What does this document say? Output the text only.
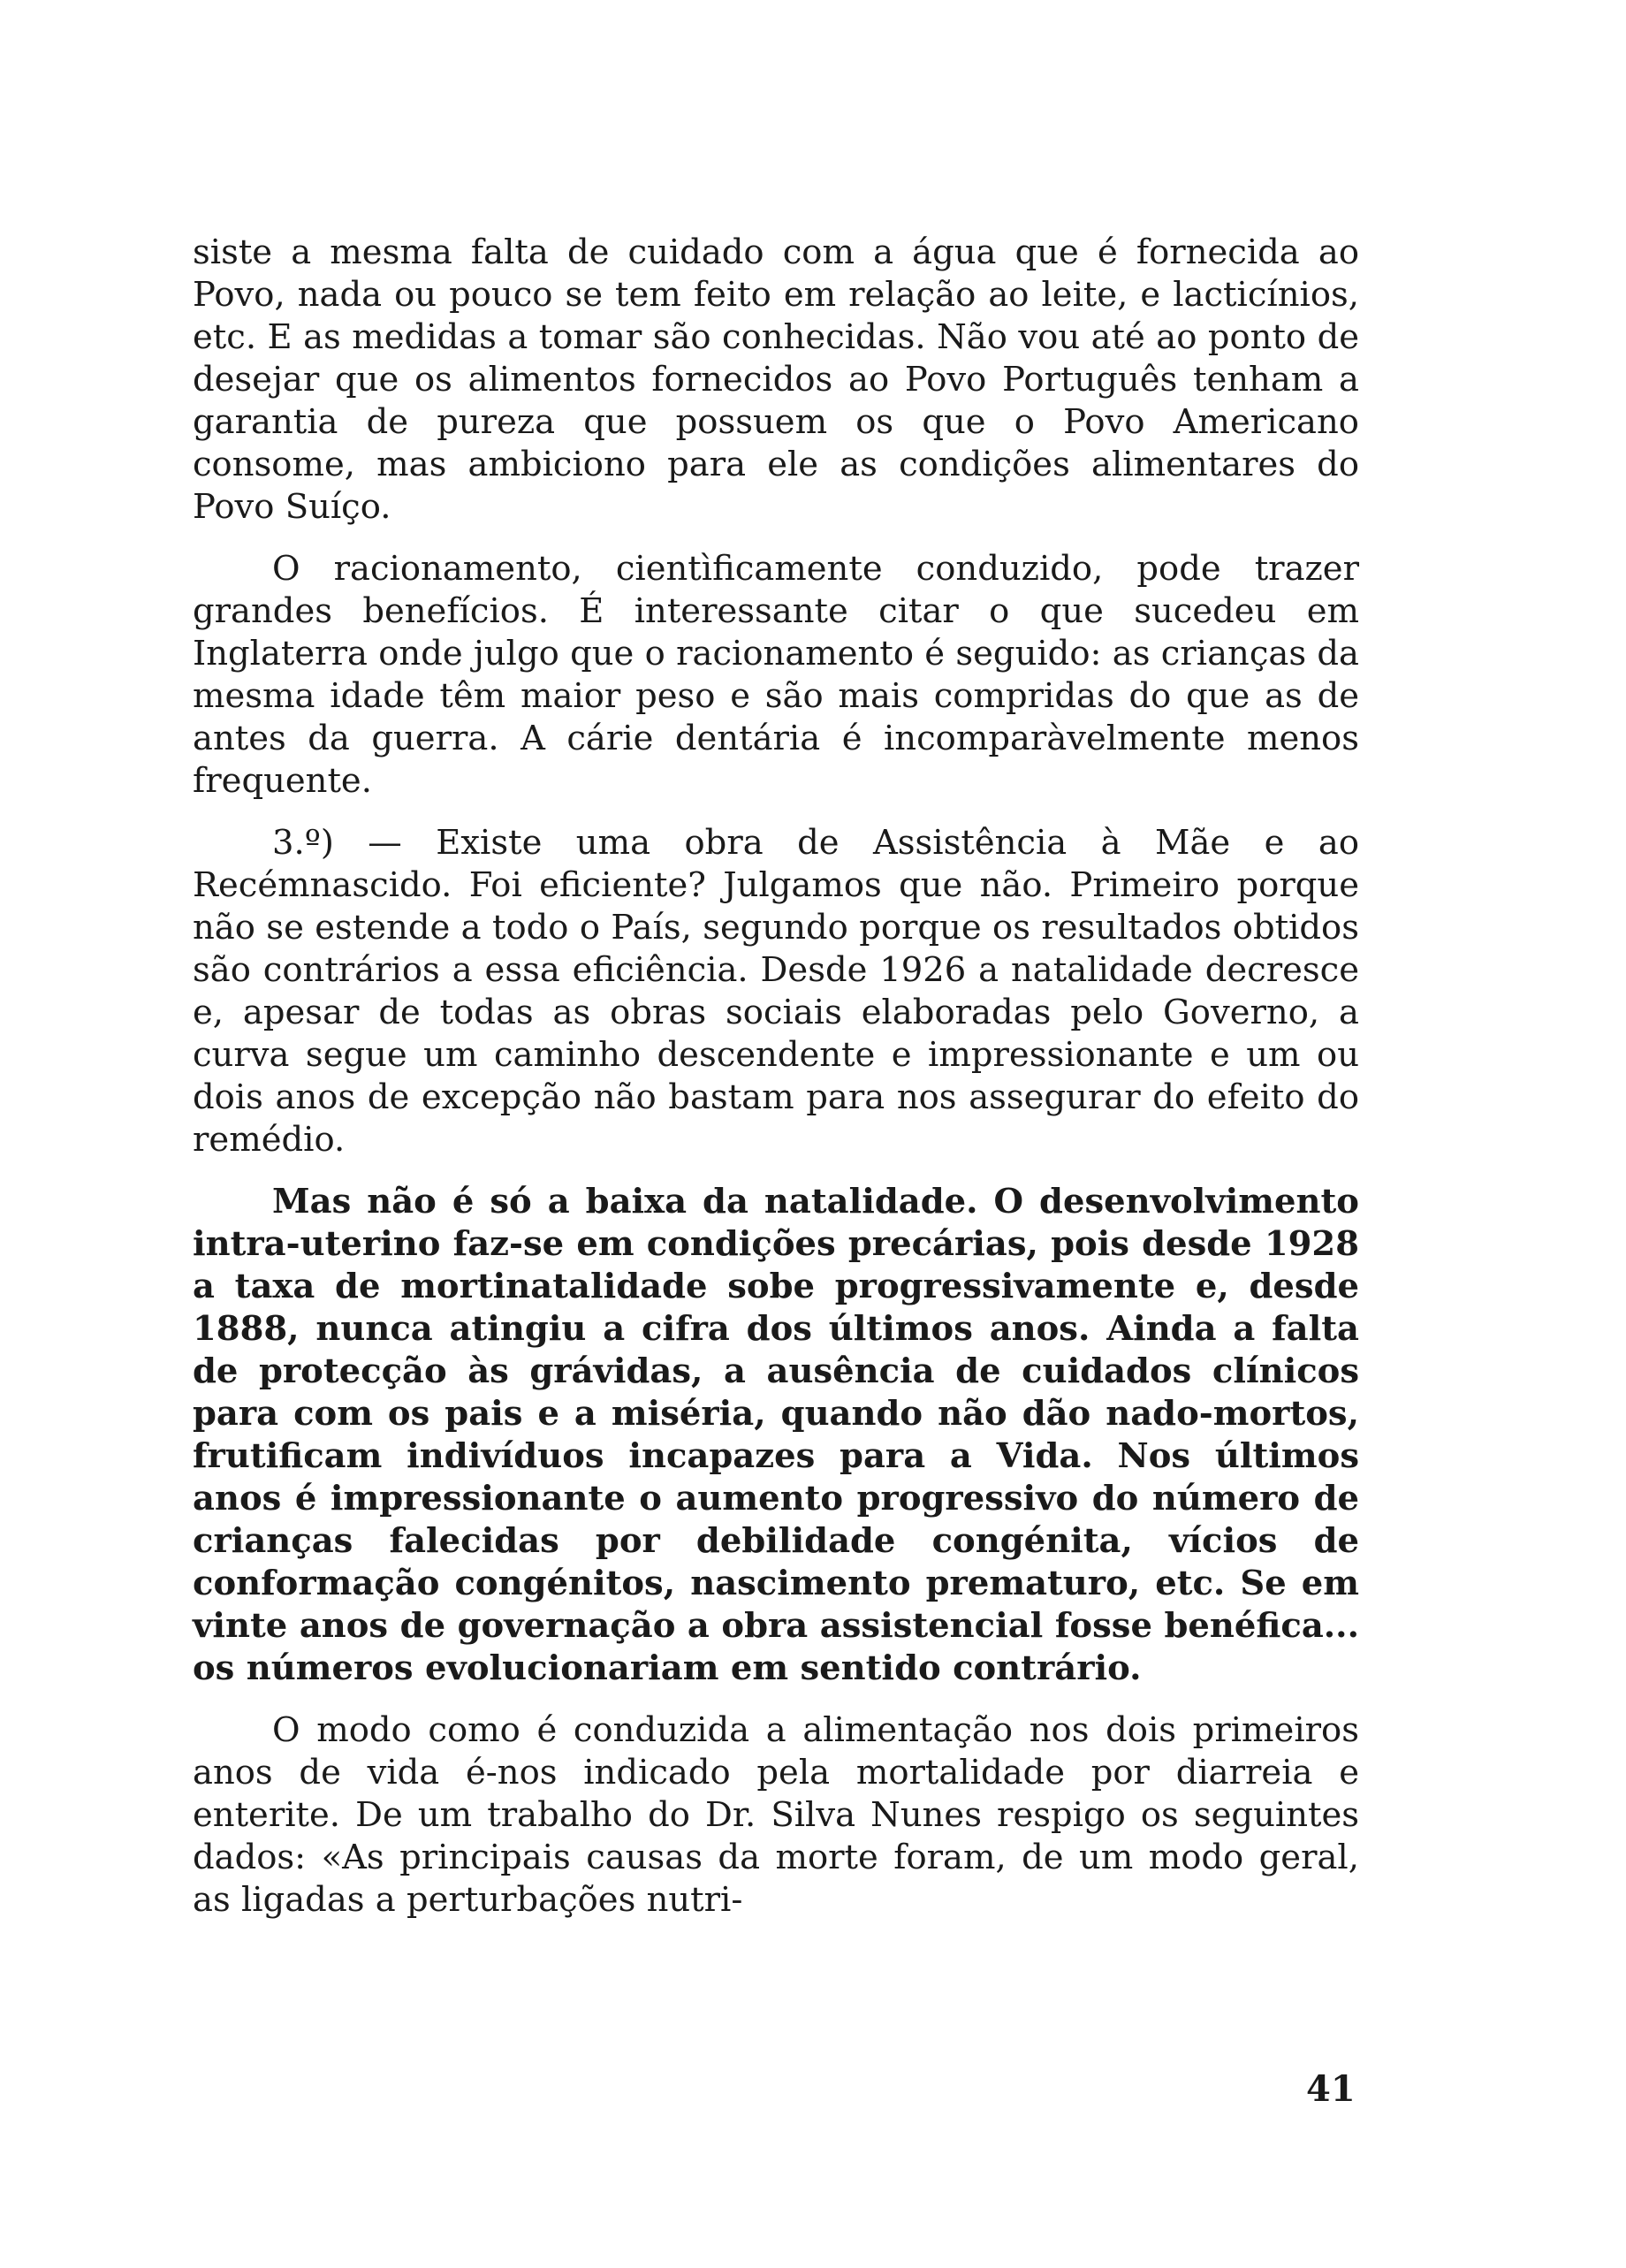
siste a mesma falta de cuidado com a água que é fornecida ao Povo, nada ou pouco se tem feito em relação ao leite, e lacticínios, etc. E as medidas a tomar são conhecidas. Não vou até ao ponto de desejar que os alimentos fornecidos ao Povo Português tenham a garantia de pureza que possuem os que o Povo Americano consome, mas ambiciono para ele as condições alimentares do Povo Suíço.

O racionamento, cientìficamente conduzido, pode trazer grandes benefícios. É interessante citar o que sucedeu em Inglaterra onde julgo que o racionamento é seguido: as crianças da mesma idade têm maior peso e são mais compridas do que as de antes da guerra. A cárie dentária é incomparàvelmente menos frequente.

3.º) — Existe uma obra de Assistência à Mãe e ao Recémnascido. Foi eficiente? Julgamos que não. Primeiro porque não se estende a todo o País, segundo porque os resultados obtidos são contrários a essa eficiência. Desde 1926 a natalidade decresce e, apesar de todas as obras sociais elaboradas pelo Governo, a curva segue um caminho descendente e impressionante e um ou dois anos de excepção não bastam para nos assegurar do efeito do remédio.

Mas não é só a baixa da natalidade. O desenvolvimento intra-uterino faz-se em condições precárias, pois desde 1928 a taxa de mortinatalidade sobe progressivamente e, desde 1888, nunca atingiu a cifra dos últimos anos. Ainda a falta de protecção às grávidas, a ausência de cuidados clínicos para com os pais e a miséria, quando não dão nado-mortos, frutificam indivíduos incapazes para a Vida. Nos últimos anos é impressionante o aumento progressivo do número de crianças falecidas por debilidade congénita, vícios de conformação congénitos, nascimento prematuro, etc. Se em vinte anos de governação a obra assistencial fosse benéfica... os números evolucionariam em sentido contrário.

O modo como é conduzida a alimentação nos dois primeiros anos de vida é-nos indicado pela mortalidade por diarreia e enterite. De um trabalho do Dr. Silva Nunes respigo os seguintes dados: «As principais causas da morte foram, de um modo geral, as ligadas a perturbações nutri-

41
